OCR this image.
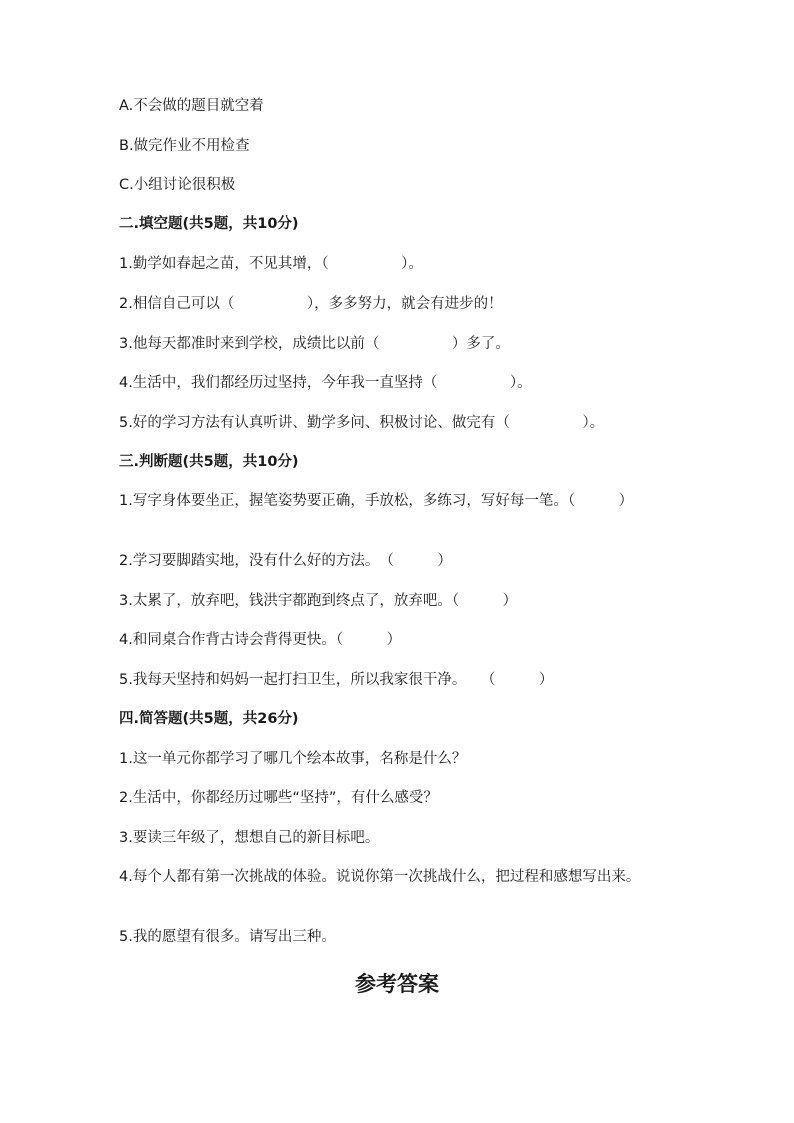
A.不会做的题目就空着
B.做完作业不用检查
C.小组讨论很积极
二.填空题(共5题，共10分)
1.勤学如春起之苗，不见其增，（　　　　　）。
2.相信自己可以（　　　　　），多多努力，就会有进步的！
3.他每天都准时来到学校，成绩比以前（　　　　　）多了。
4.生活中，我们都经历过坚持，今年我一直坚持（　　　　　）。
5.好的学习方法有认真听讲、勤学多问、积极讨论、做完有（　　　　　）。
三.判断题(共5题，共10分)
1.写字身体要坐正，握笔姿势要正确，手放松，多练习，写好每一笔。（　　　）
2.学习要脚踏实地，没有什么好的方法。　（　　　）
3.太累了，放弃吧，钱洪宇都跑到终点了，放弃吧。（　　　）
4.和同桌合作背古诗会背得更快。（　　　）
5.我每天坚持和妈妈一起打扫卫生，所以我家很干净。　　（　　　）
四.简答题(共5题，共26分)
1.这一单元你都学习了哪几个绘本故事，名称是什么？
2.生活中，你都经历过哪些“坚持”，有什么感受？
3.要读三年级了，想想自己的新目标吧。
4.每个人都有第一次挑战的体验。说说你第一次挑战什么，把过程和感想写出来。
5.我的愿望有很多。请写出三种。
参考答案
